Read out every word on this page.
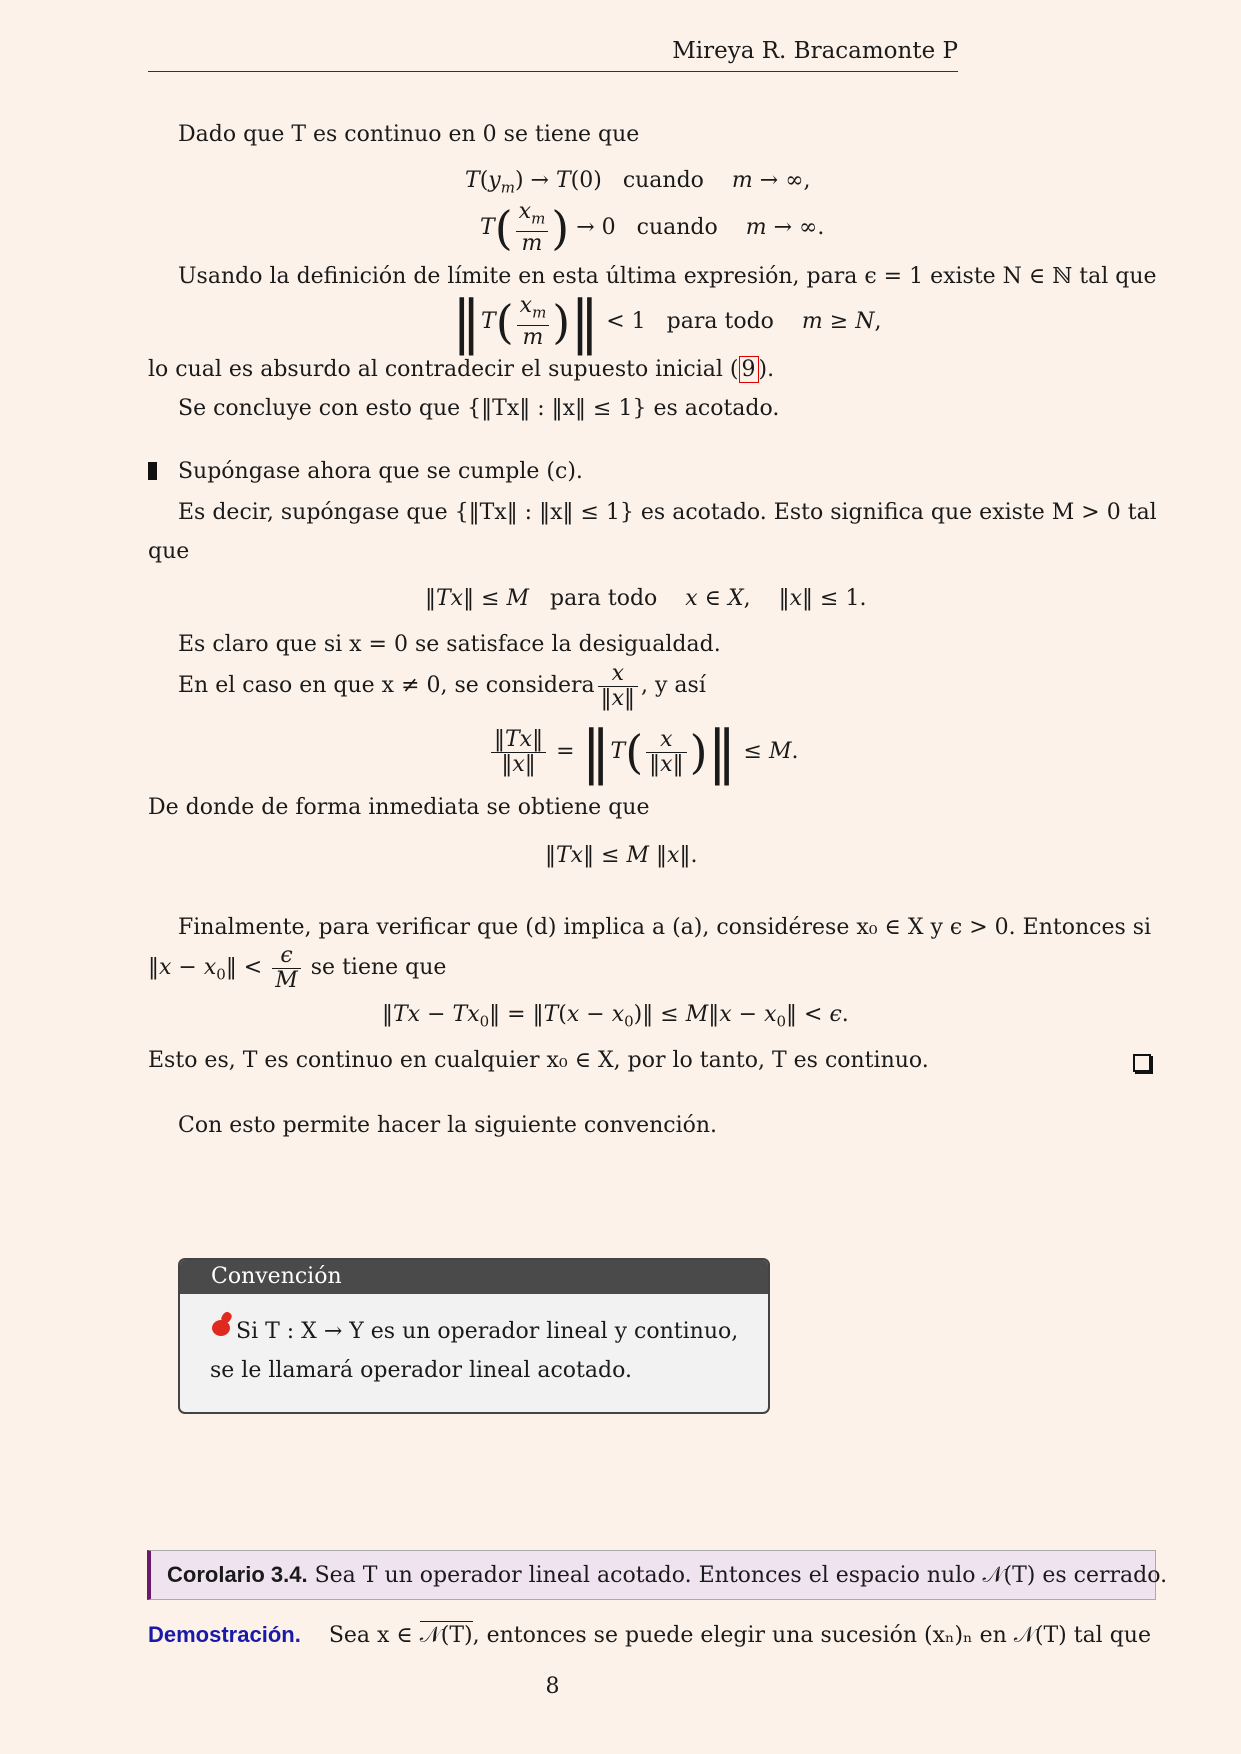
Mireya R. Bracamonte P
Dado que T es continuo en 0 se tiene que
$T(y_m) \to T(0)$   cuando m → ∞,
$T( \frac{x_m}{m}$ ) → 0   cuando m → ∞.
Usando la definición de límite en esta última expresión, para ϵ = 1 existe N ∈ ℕ tal que
‖T( $\frac{x_m}{m}$ )‖ < 1   para todo m ≥ N,
lo cual es absurdo al contradecir el supuesto inicial ( 9 ).
Se concluye con esto que {‖Tx‖ : ‖x‖ ≤ 1} es acotado.
Supóngase ahora que se cumple (c).
Es decir, supóngase que {‖Tx‖ : ‖x‖ ≤ 1} es acotado. Esto significa que existe M > 0 tal
que
‖Tx‖ ≤ M para todo x ∈ X,    ‖x‖ ≤ 1.
Es claro que si x = 0 se satisface la desigualdad.
En el caso en que x ≠ 0, se considera $\frac{x}{‖x‖}$ , y así
$\frac{‖Tx‖}{‖x‖}$ = ‖T( $\frac{x}{‖x‖}$ )‖ ≤ M.
De donde de forma inmediata se obtiene que
‖Tx‖ ≤ M ‖x‖.
Finalmente, para verificar que (d) implica a (a), considérese x₀ ∈ X y ϵ > 0. Entonces si
‖x − $x_0‖ < \frac{\epsilon}{M}$ se tiene que
‖Tx − $Tx_0‖$ = ‖T(x − $x_0)‖$ ≤ M‖x − $x_0‖ < \epsilon$.
Esto es, T es continuo en cualquier x₀ ∈ X, por lo tanto, T es continuo.
Con esto permite hacer la siguiente convención.
Convención
Si T : X → Y es un operador lineal y continuo,
se le llamará operador lineal acotado.
Corolario 3.4. Sea T un operador lineal acotado. Entonces el espacio nulo 𝒩(T) es cerrado.
Demostración. Sea x ∈ 𝒩(T), entonces se puede elegir una sucesión (xₙ)ₙ en 𝒩(T) tal que
8
